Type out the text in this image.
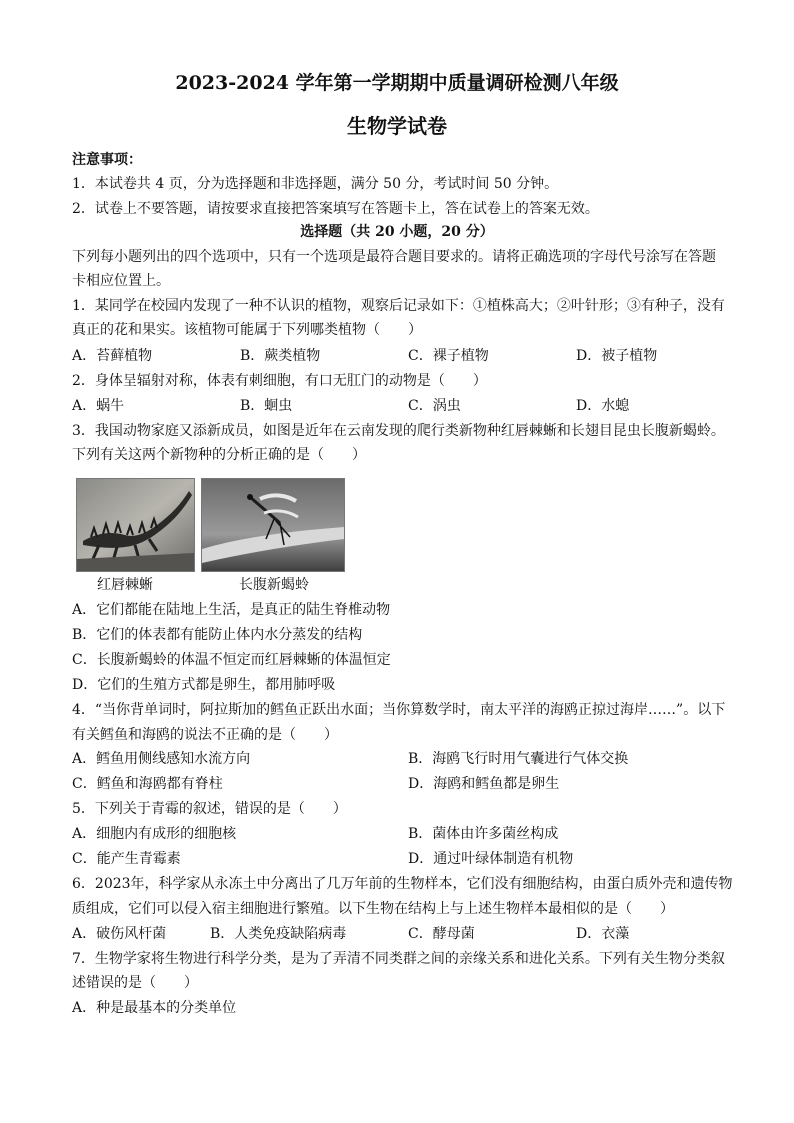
2023-2024 学年第一学期期中质量调研检测八年级
生物学试卷
注意事项：
1．本试卷共 4 页，分为选择题和非选择题，满分 50 分，考试时间 50 分钟。
2．试卷上不要答题，请按要求直接把答案填写在答题卡上，答在试卷上的答案无效。
选择题（共 20 小题，20 分）
下列每小题列出的四个选项中，只有一个选项是最符合题目要求的。请将正确选项的字母代号涂写在答题
卡相应位置上。
1．某同学在校园内发现了一种不认识的植物，观察后记录如下：①植株高大；②叶针形；③有种子，没有
真正的花和果实。该植物可能属于下列哪类植物（　　）
A．苔藓植物	B．蕨类植物	C．裸子植物	D．被子植物
2．身体呈辐射对称，体表有刺细胞，有口无肛门的动物是（　　）
A．蜗牛	B．蛔虫	C．涡虫	D．水螅
3．我国动物家庭又添新成员，如图是近年在云南发现的爬行类新物种红唇棘蜥和长翅目昆虫长腹新蝎蛉。
下列有关这两个新物种的分析正确的是（　　）
红唇棘蜥	长腹新蝎蛉
A．它们都能在陆地上生活，是真正的陆生脊椎动物
B．它们的体表都有能防止体内水分蒸发的结构
C．长腹新蝎蛉的体温不恒定而红唇棘蜥的体温恒定
D．它们的生殖方式都是卵生，都用肺呼吸
4．“当你背单词时，阿拉斯加的鳕鱼正跃出水面；当你算数学时，南太平洋的海鸥正掠过海岸……”。以下
有关鳕鱼和海鸥的说法不正确的是（　　）
A．鳕鱼用侧线感知水流方向	B．海鸥飞行时用气囊进行气体交换
C．鳕鱼和海鸥都有脊柱	D．海鸥和鳕鱼都是卵生
5．下列关于青霉的叙述，错误的是（　　）
A．细胞内有成形的细胞核	B．菌体由许多菌丝构成
C．能产生青霉素	D．通过叶绿体制造有机物
6．2023年，科学家从永冻土中分离出了几万年前的生物样本，它们没有细胞结构，由蛋白质外壳和遗传物
质组成，它们可以侵入宿主细胞进行繁殖。以下生物在结构上与上述生物样本最相似的是（　　）
A．破伤风杆菌	B．人类免疫缺陷病毒	C．酵母菌	D．衣藻
7．生物学家将生物进行科学分类，是为了弄清不同类群之间的亲缘关系和进化关系。下列有关生物分类叙
述错误的是（　　）
A．种是最基本的分类单位
